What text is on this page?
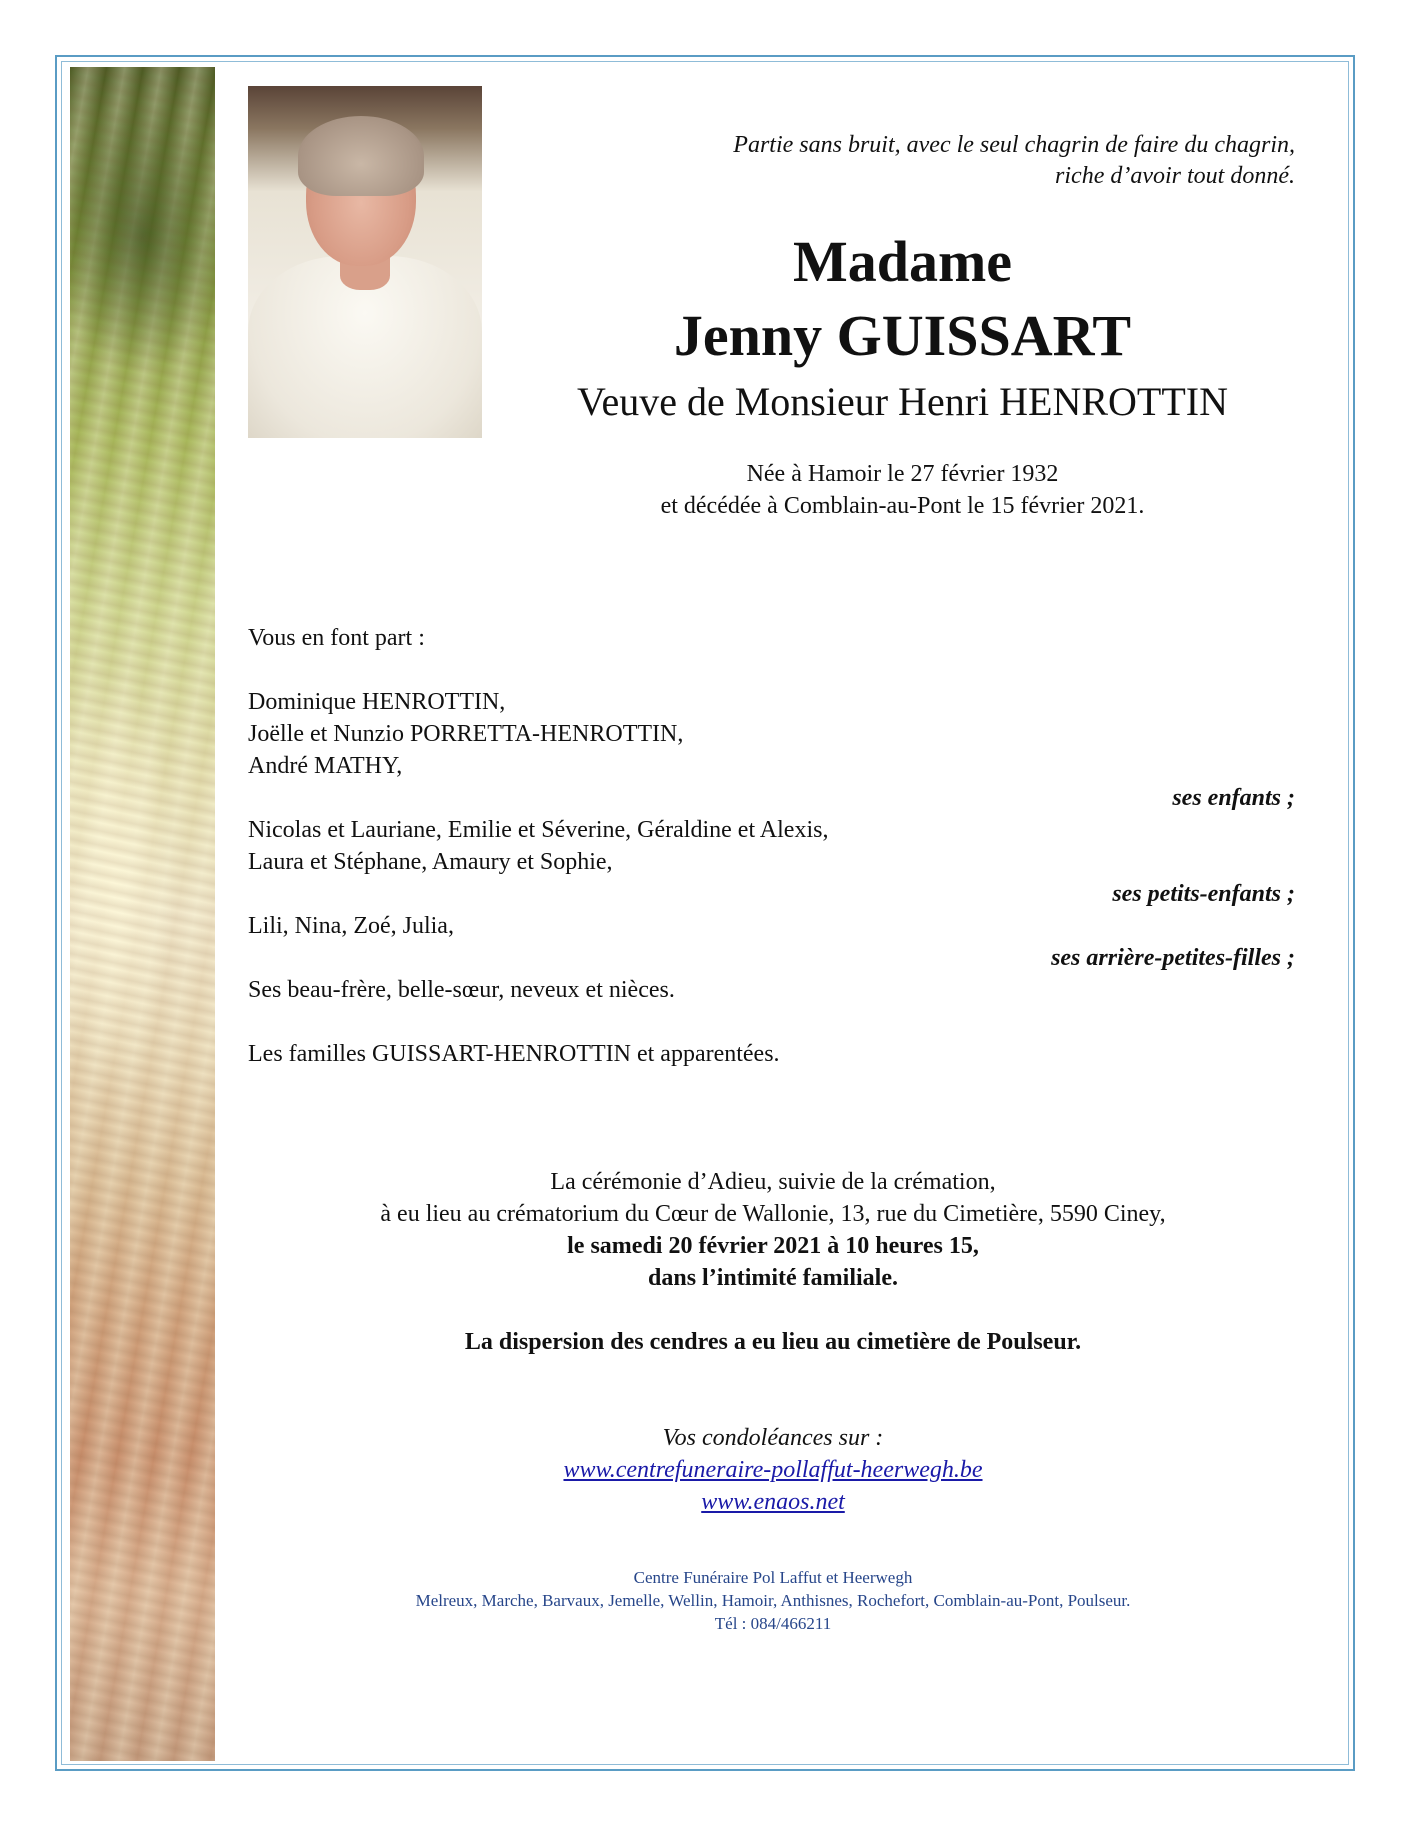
Partie sans bruit, avec le seul chagrin de faire du chagrin,
riche d’avoir tout donné.
Madame
Jenny GUISSART
Veuve de Monsieur Henri HENROTTIN
Née à Hamoir le 27 février 1932
et décédée à Comblain-au-Pont le 15 février 2021.
Vous en font part :
Dominique HENROTTIN,
Joëlle et Nunzio PORRETTA-HENROTTIN,
André MATHY,
ses enfants ;
Nicolas et Lauriane, Emilie et Séverine, Géraldine et Alexis,
Laura et Stéphane, Amaury et Sophie,
ses petits-enfants ;
Lili, Nina, Zoé, Julia,
ses arrière-petites-filles ;
Ses beau-frère, belle-sœur, neveux et nièces.
Les familles GUISSART-HENROTTIN et apparentées.
La cérémonie d’Adieu, suivie de la crémation,
à eu lieu au crématorium du Cœur de Wallonie, 13, rue du Cimetière, 5590 Ciney,
le samedi 20 février 2021 à 10 heures 15,
dans l’intimité familiale.
La dispersion des cendres a eu lieu au cimetière de Poulseur.
Vos condoléances sur :
www.centrefuneraire-pollaffut-heerwegh.be
www.enaos.net
Centre Funéraire Pol Laffut et Heerwegh
Melreux, Marche, Barvaux, Jemelle, Wellin, Hamoir, Anthisnes, Rochefort, Comblain-au-Pont, Poulseur.
Tél : 084/466211
